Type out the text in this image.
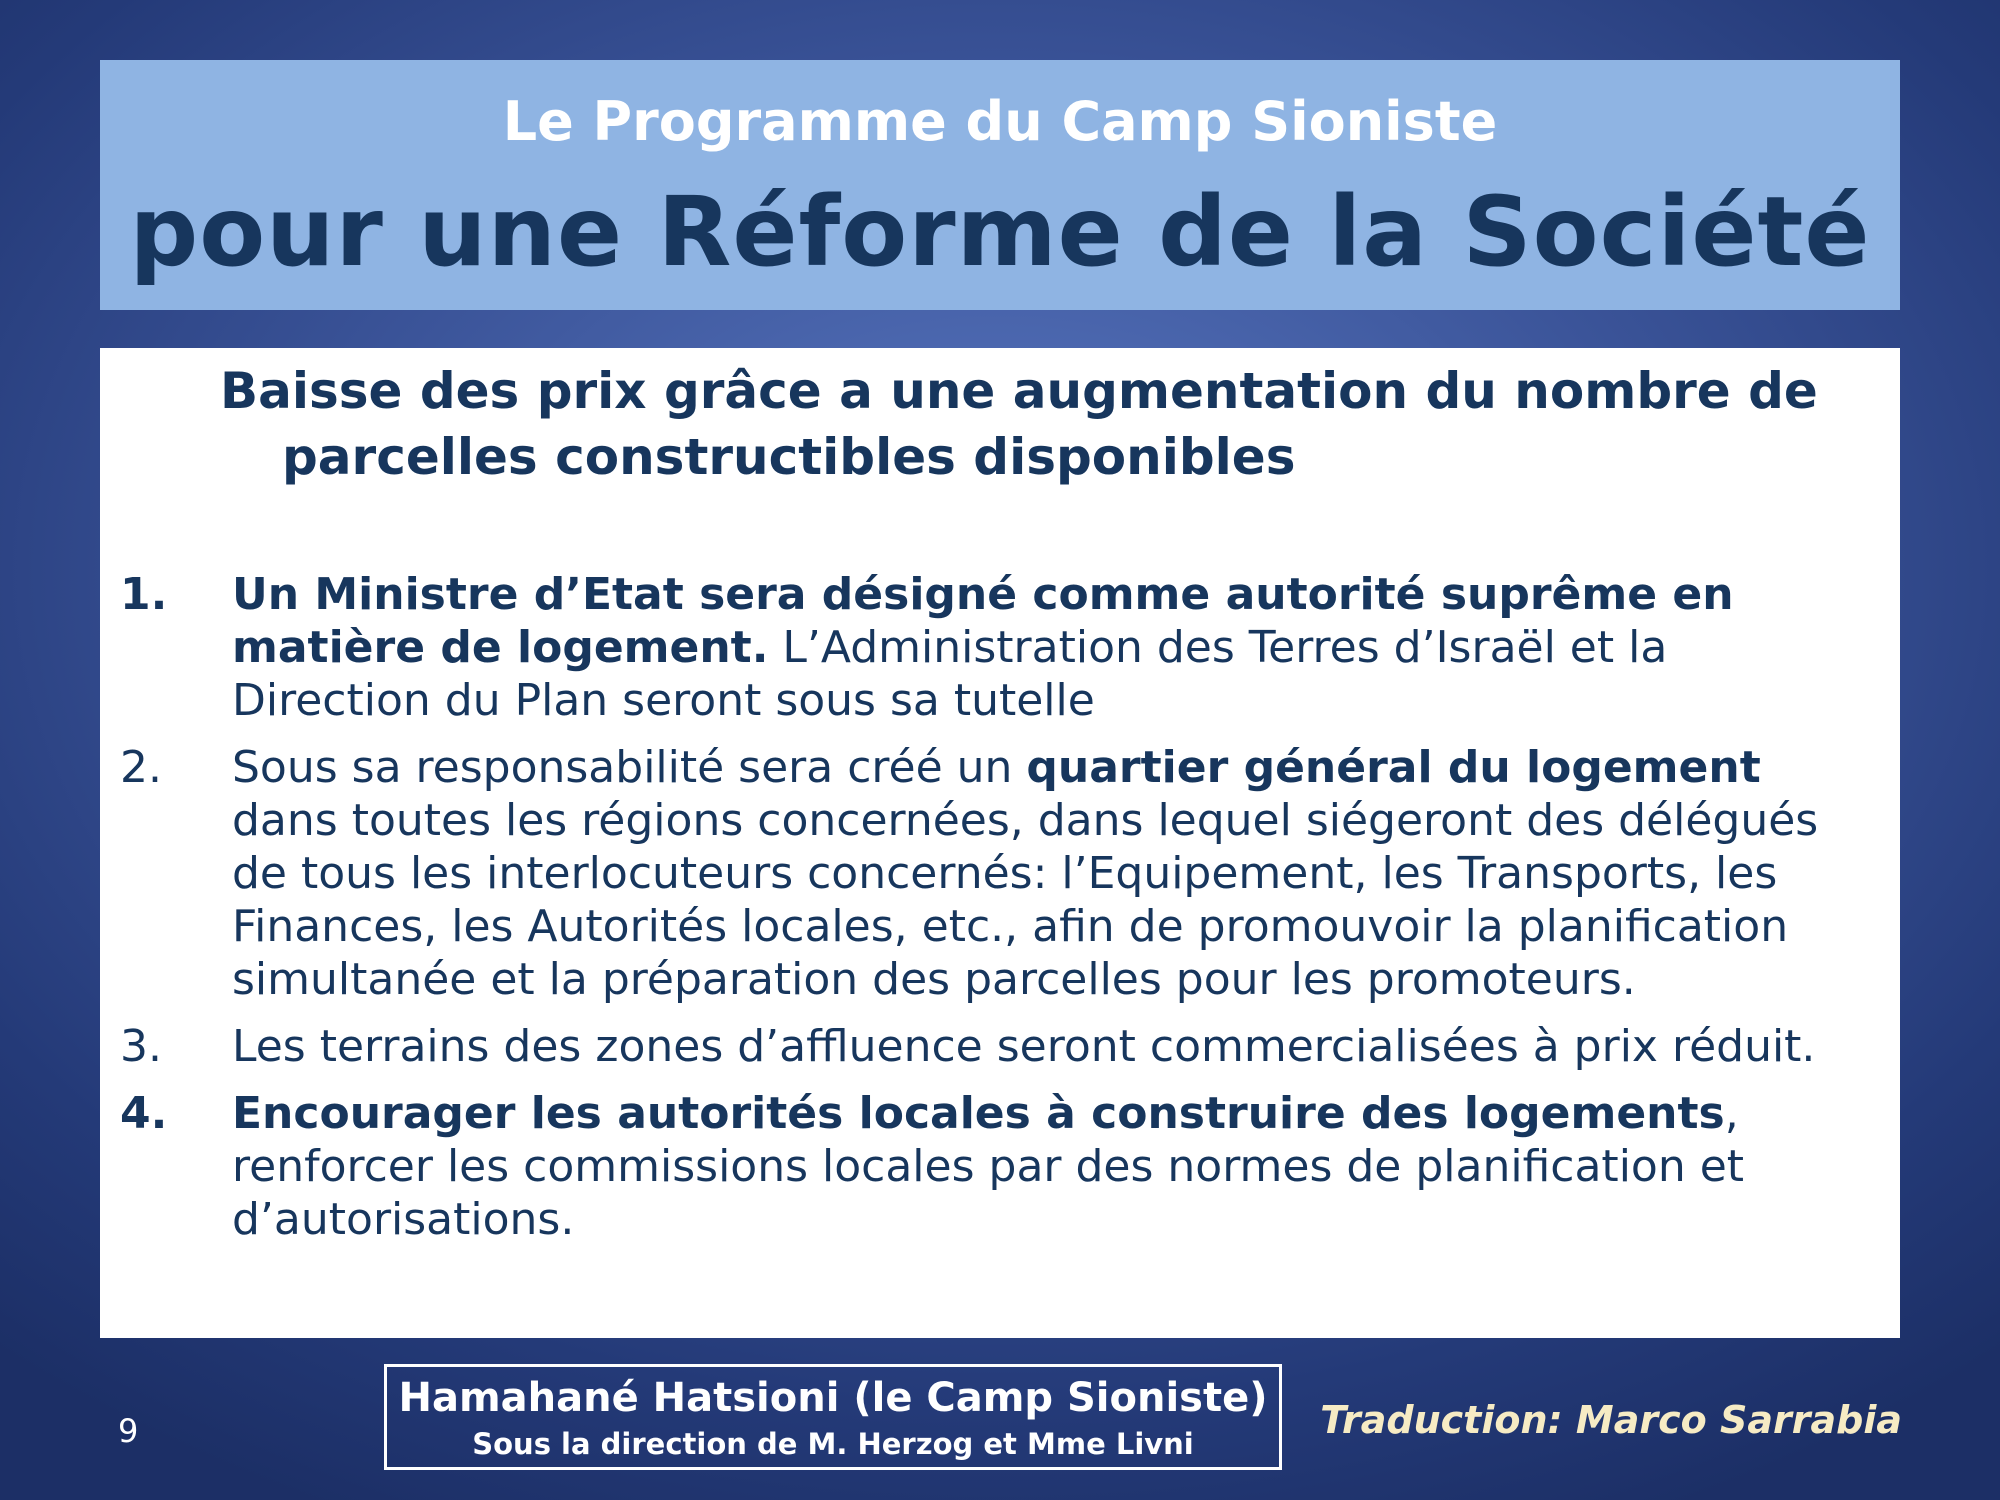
Le Programme du Camp Sioniste
pour une Réforme de la Société
Baisse des prix grâce a une augmentation du nombre de parcelles constructibles disponibles
1. Un Ministre d’Etat sera désigné comme autorité suprême en matière de logement. L’Administration des Terres d’Israël et la Direction du Plan seront sous sa tutelle
2. Sous sa responsabilité sera créé un quartier général du logement dans toutes les régions concernées, dans lequel siégeront des délégués de tous les interlocuteurs concernés: l’Equipement, les Transports, les Finances, les Autorités locales, etc., afin de promouvoir la planification simultanée et la préparation des parcelles pour les promoteurs.
3. Les terrains des zones d’affluence seront commercialisées à prix réduit.
4. Encourager les autorités locales à construire des logements, renforcer les commissions locales par des normes de planification et d’autorisations.
9
Hamahané Hatsioni (le Camp Sioniste)
Sous la direction de M. Herzog et Mme Livni
Traduction: Marco Sarrabia
